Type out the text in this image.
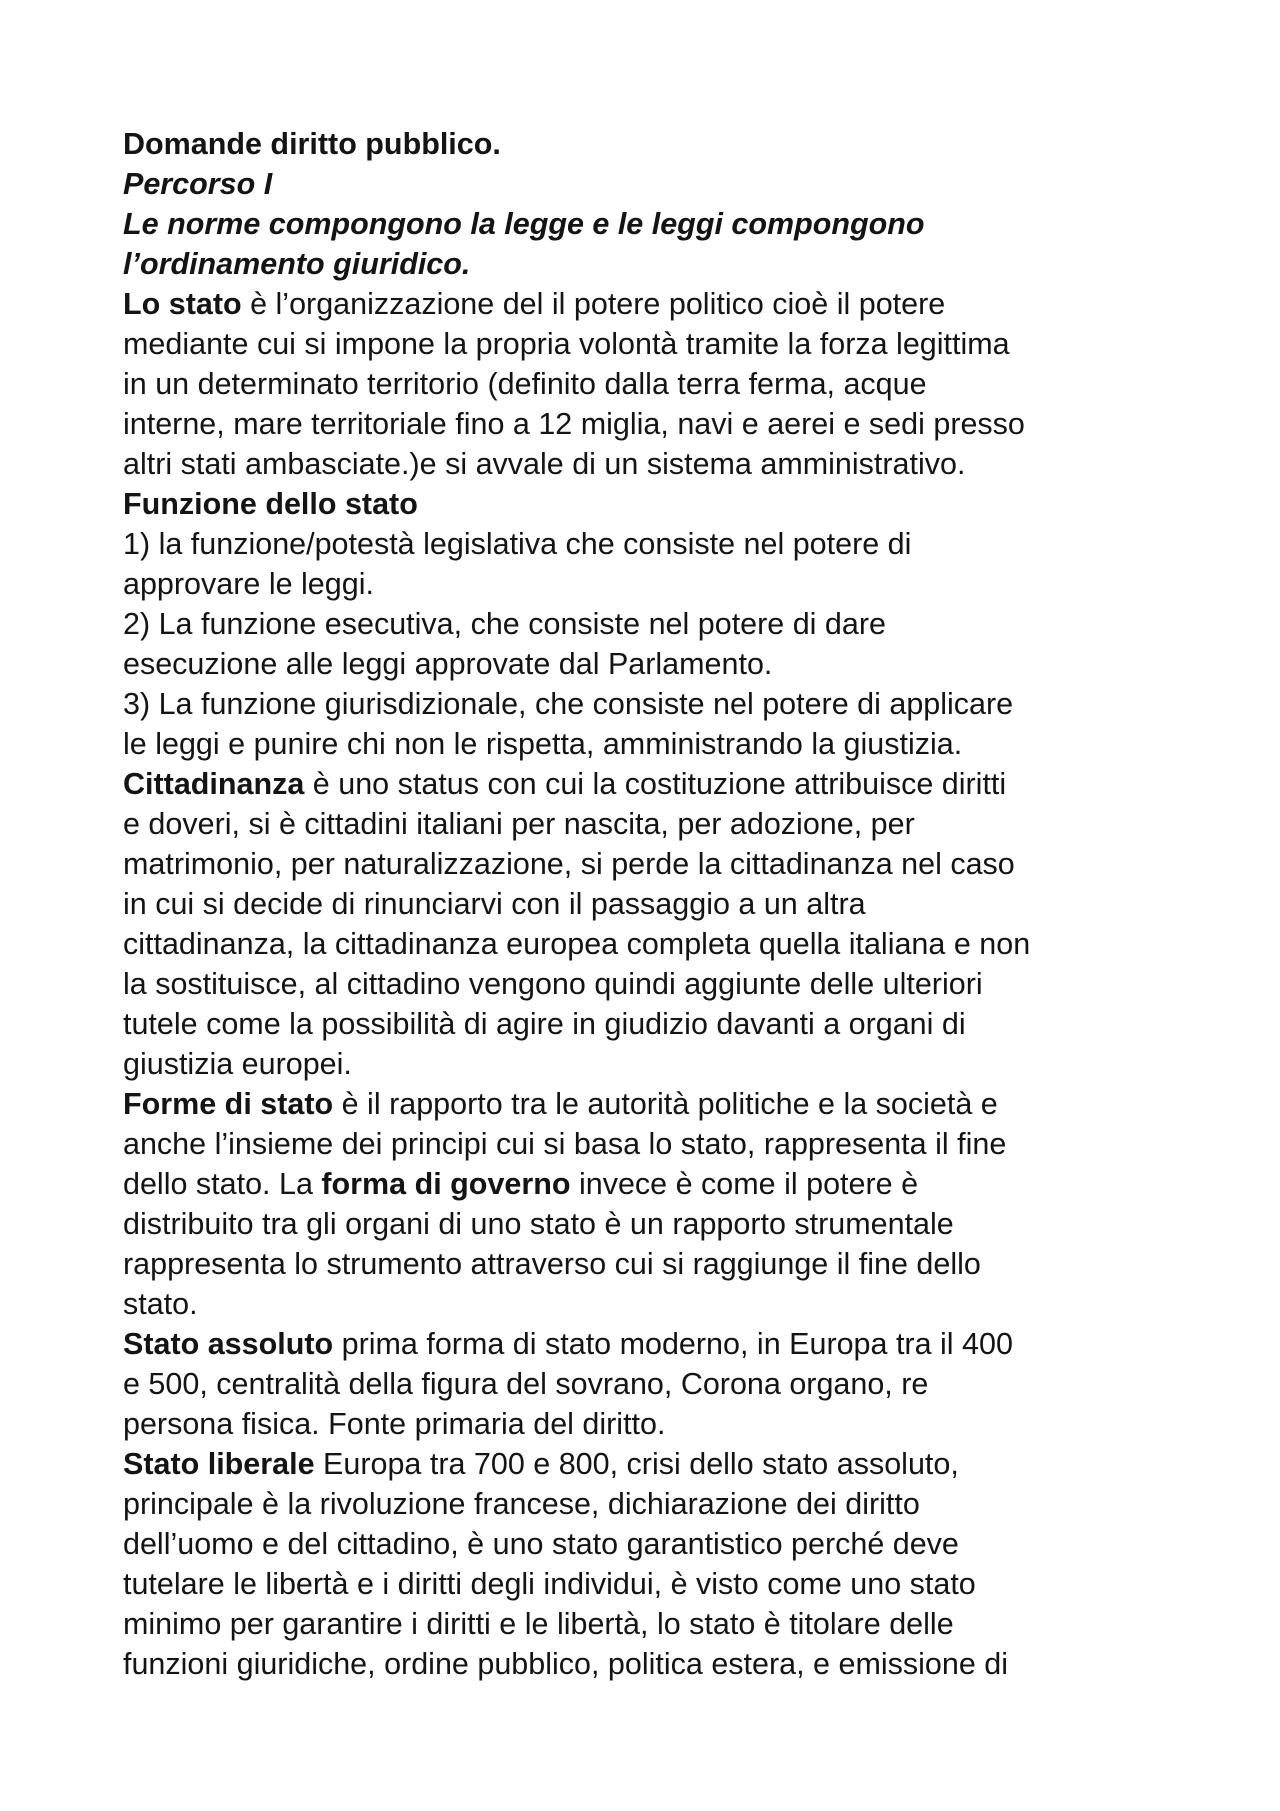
Domande diritto pubblico.
Percorso I
Le norme compongono la legge e le leggi compongono
l’ordinamento giuridico.
Lo stato è l’organizzazione del il potere politico cioè il potere
mediante cui si impone la propria volontà tramite la forza legittima
in un determinato territorio (definito dalla terra ferma, acque
interne, mare territoriale fino a 12 miglia, navi e aerei e sedi presso
altri stati ambasciate.)e si avvale di un sistema amministrativo.
Funzione dello stato
1) la funzione/potestà legislativa che consiste nel potere di
approvare le leggi.
2) La funzione esecutiva, che consiste nel potere di dare
esecuzione alle leggi approvate dal Parlamento.
3) La funzione giurisdizionale, che consiste nel potere di applicare
le leggi e punire chi non le rispetta, amministrando la giustizia.
Cittadinanza è uno status con cui la costituzione attribuisce diritti
e doveri, si è cittadini italiani per nascita, per adozione, per
matrimonio, per naturalizzazione, si perde la cittadinanza nel caso
in cui si decide di rinunciarvi con il passaggio a un altra
cittadinanza, la cittadinanza europea completa quella italiana e non
la sostituisce, al cittadino vengono quindi aggiunte delle ulteriori
tutele come la possibilità di agire in giudizio davanti a organi di
giustizia europei.
Forme di stato è il rapporto tra le autorità politiche e la società e
anche l’insieme dei principi cui si basa lo stato, rappresenta il fine
dello stato. La forma di governo invece è come il potere è
distribuito tra gli organi di uno stato è un rapporto strumentale
rappresenta lo strumento attraverso cui si raggiunge il fine dello
stato.
Stato assoluto prima forma di stato moderno, in Europa tra il 400
e 500, centralità della figura del sovrano, Corona organo, re
persona fisica. Fonte primaria del diritto.
Stato liberale Europa tra 700 e 800, crisi dello stato assoluto,
principale è la rivoluzione francese, dichiarazione dei diritto
dell’uomo e del cittadino, è uno stato garantistico perché deve
tutelare le libertà e i diritti degli individui, è visto come uno stato
minimo per garantire i diritti e le libertà, lo stato è titolare delle
funzioni giuridiche, ordine pubblico, politica estera, e emissione di
